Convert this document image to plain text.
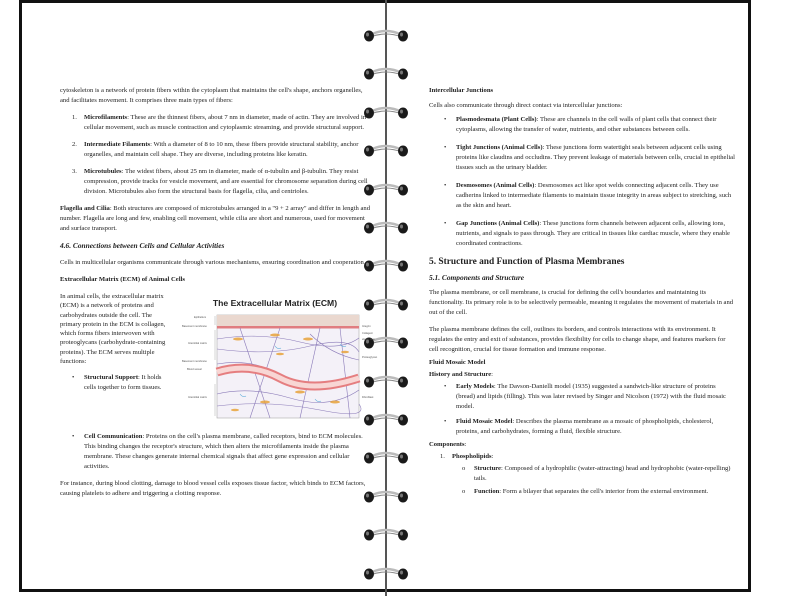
cytoskeleton is a network of protein fibers within the cytoplasm that maintains the cell's shape, anchors organelles, and facilitates movement. It comprises three main types of fibers:

1. Microfilaments: These are the thinnest fibers, about 7 nm in diameter, made of actin. They are involved in cellular movement, such as muscle contraction and cytoplasmic streaming, and provide structural support.
2. Intermediate Filaments: With a diameter of 8 to 10 nm, these fibers provide structural stability, anchor organelles, and maintain cell shape. They are diverse, including proteins like keratin.
3. Microtubules: The widest fibers, about 25 nm in diameter, made of α-tubulin and β-tubulin. They resist compression, provide tracks for vesicle movement, and are essential for chromosome separation during cell division. Microtubules also form the structural basis for flagella, cilia, and centrioles.

Flagella and Cilia: Both structures are composed of microtubules arranged in a "9 + 2 array" and differ in length and number. Flagella are long and few, enabling cell movement, while cilia are short and numerous, used for movement and surface transport.

4.6. Connections between Cells and Cellular Activities

Cells in multicellular organisms communicate through various mechanisms, ensuring coordination and cooperation.

Extracellular Matrix (ECM) of Animal Cells

The Extracellular Matrix (ECM)
Epithelium
Basement membrane
Interstitial matrix
Basement membrane
Blood vessel
Interstitial matrix
Integrin
Collagen/
elastic fiber
Proteoglycan
Fibroblast

In animal cells, the extracellular matrix (ECM) is a network of proteins and carbohydrates outside the cell. The primary protein in the ECM is collagen, which forms fibers interwoven with proteoglycans (carbohydrate-containing proteins). The ECM serves multiple functions:

• Structural Support: It holds cells together to form tissues.
• Cell Communication: Proteins on the cell's plasma membrane, called receptors, bind to ECM molecules. This binding changes the receptor's structure, which then alters the microfilaments inside the plasma membrane. These changes generate internal chemical signals that affect gene expression and cellular activities.

For instance, during blood clotting, damage to blood vessel cells exposes tissue factor, which binds to ECM factors, causing platelets to adhere and triggering a clotting response.

Intercellular Junctions

Cells also communicate through direct contact via intercellular junctions:

• Plasmodesmata (Plant Cells): These are channels in the cell walls of plant cells that connect their cytoplasms, allowing the transfer of water, nutrients, and other substances between cells.
• Tight Junctions (Animal Cells): These junctions form watertight seals between adjacent cells using proteins like claudins and occludins. They prevent leakage of materials between cells, crucial in epithelial tissues such as the urinary bladder.
• Desmosomes (Animal Cells): Desmosomes act like spot welds connecting adjacent cells. They use cadherins linked to intermediate filaments to maintain tissue integrity in areas subject to stretching, such as the skin and heart.
• Gap Junctions (Animal Cells): These junctions form channels between adjacent cells, allowing ions, nutrients, and signals to pass through. They are critical in tissues like cardiac muscle, where they enable coordinated contractions.

5. Structure and Function of Plasma Membranes

5.1. Components and Structure

The plasma membrane, or cell membrane, is crucial for defining the cell's boundaries and maintaining its functionality. Its primary role is to be selectively permeable, meaning it regulates the movement of materials in and out of the cell.

The plasma membrane defines the cell, outlines its borders, and controls interactions with its environment. It regulates the entry and exit of substances, provides flexibility for cells to change shape, and features markers for cell recognition, crucial for tissue formation and immune response.

Fluid Mosaic Model

History and Structure:

• Early Models: The Davson-Danielli model (1935) suggested a sandwich-like structure of proteins (bread) and lipids (filling). This was later revised by Singer and Nicolson (1972) with the fluid mosaic model.
• Fluid Mosaic Model: Describes the plasma membrane as a mosaic of phospholipids, cholesterol, proteins, and carbohydrates, forming a fluid, flexible structure.

Components:

1. Phospholipids:
o Structure: Composed of a hydrophilic (water-attracting) head and hydrophobic (water-repelling) tails.
o Function: Form a bilayer that separates the cell's interior from the external environment.
